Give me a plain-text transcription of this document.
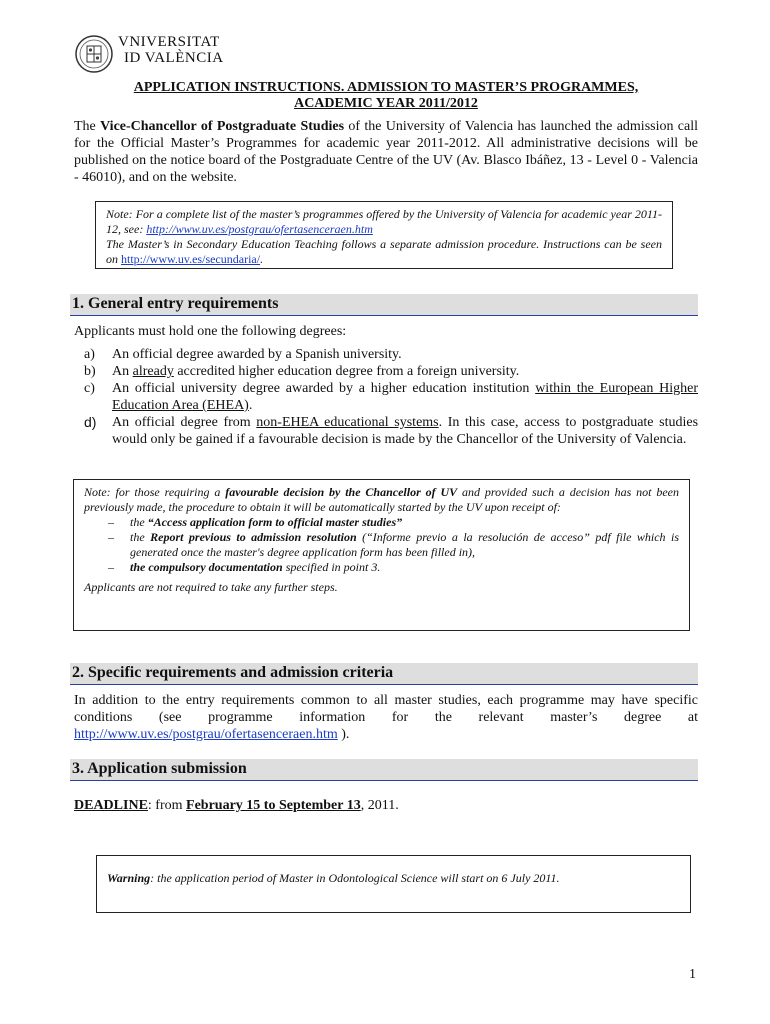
VNIVERSITAT
ID VALÈNCIA
APPLICATION INSTRUCTIONS. ADMISSION TO MASTER’S PROGRAMMES,
ACADEMIC YEAR 2011/2012
The Vice-Chancellor of Postgraduate Studies of the University of Valencia has launched the admission call for the Official Master’s Programmes for academic year 2011-2012. All administrative decisions will be published on the notice board of the Postgraduate Centre of the UV (Av. Blasco Ibáñez, 13 - Level 0 - Valencia - 46010), and on the website.
Note: For a complete list of the master’s programmes offered by the University of Valencia for academic year 2011-12, see: http://www.uv.es/postgrau/ofertasenceraen.htm
The Master’s in Secondary Education Teaching follows a separate admission procedure. Instructions can be seen on http://www.uv.es/secundaria/.
1. General entry requirements
Applicants must hold one the following degrees:
a) An official degree awarded by a Spanish university.
b) An already accredited higher education degree from a foreign university.
c) An official university degree awarded by a higher education institution within the European Higher Education Area (EHEA).
d) An official degree from non-EHEA educational systems. In this case, access to postgraduate studies would only be gained if a favourable decision is made by the Chancellor of the University of Valencia.
Note: for those requiring a favourable decision by the Chancellor of UV and provided such a decision has not been previously made, the procedure to obtain it will be automatically started by the UV upon receipt of:
– the “Access application form to official master studies”
– the Report previous to admission resolution (“Informe previo a la resolución de acceso” pdf file which is generated once the master's degree application form has been filled in),
– the compulsory documentation specified in point 3.
Applicants are not required to take any further steps.
2. Specific requirements and admission criteria
In addition to the entry requirements common to all master studies, each programme may have specific conditions (see programme information for the relevant master’s degree at http://www.uv.es/postgrau/ofertasenceraen.htm ).
3. Application submission
DEADLINE: from February 15 to September 13, 2011.
Warning: the application period of Master in Odontological Science will start on 6 July 2011.
1
